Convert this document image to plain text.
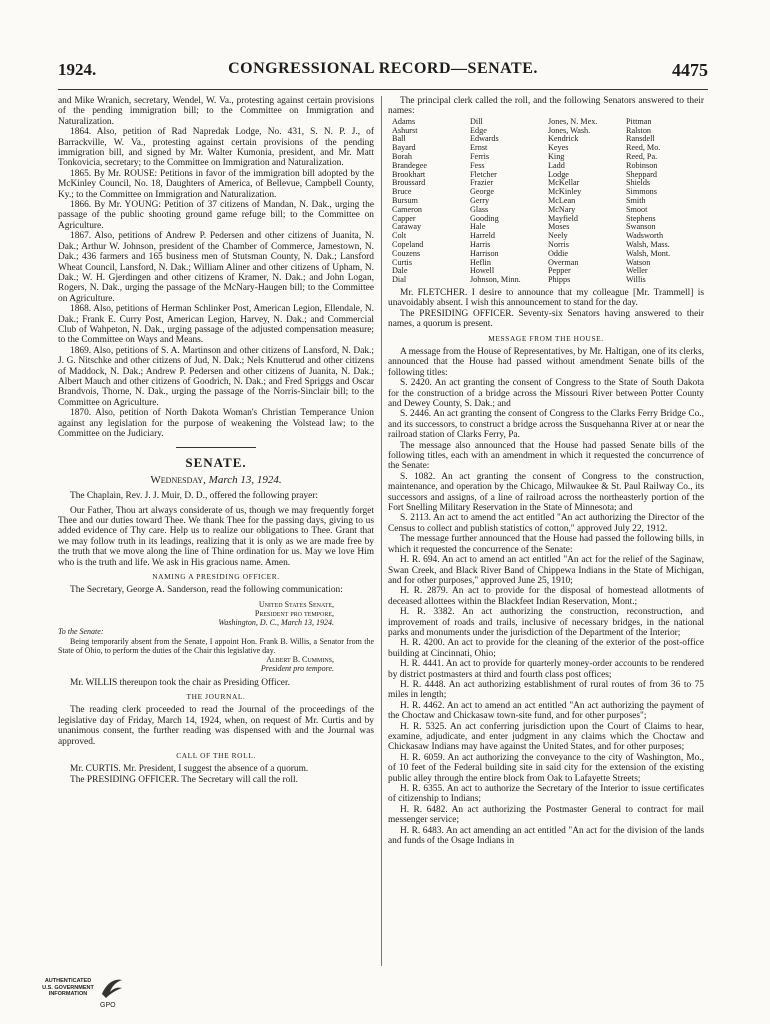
1924.	CONGRESSIONAL RECORD—SENATE.	4475

and Mike Wranich, secretary, Wendel, W. Va., protesting against certain provisions of the pending immigration bill; to the Committee on Immigration and Naturalization.

1864. Also, petition of Rad Napredak Lodge, No. 431, S. N. P. J., of Barrackville, W. Va., protesting against certain provisions of the pending immigration bill, and signed by Mr. Walter Kumonia, president, and Mr. Matt Tonkovicia, secretary; to the Committee on Immigration and Naturalization.

1865. By Mr. ROUSE: Petitions in favor of the immigration bill adopted by the McKinley Council, No. 18, Daughters of America, of Bellevue, Campbell County, Ky.; to the Committee on Immigration and Naturalization.

1866. By Mr. YOUNG: Petition of 37 citizens of Mandan, N. Dak., urging the passage of the public shooting ground game refuge bill; to the Committee on Agriculture.

1867. Also, petitions of Andrew P. Pedersen and other citizens of Juanita, N. Dak.; Arthur W. Johnson, president of the Chamber of Commerce, Jamestown, N. Dak.; 436 farmers and 165 business men of Stutsman County, N. Dak.; Lansford Wheat Council, Lansford, N. Dak.; William Aliner and other citizens of Upham, N. Dak.; W. H. Gjerdingen and other citizens of Kramer, N. Dak.; and John Logan, Rogers, N. Dak., urging the passage of the McNary-Haugen bill; to the Committee on Agriculture.

1868. Also, petitions of Herman Schlinker Post, American Legion, Ellendale, N. Dak.; Frank E. Curry Post, American Legion, Harvey, N. Dak.; and Commercial Club of Wahpeton, N. Dak., urging passage of the adjusted compensation measure; to the Committee on Ways and Means.

1869. Also, petitions of S. A. Martinson and other citizens of Lansford, N. Dak.; J. G. Nitschke and other citizens of Jud, N. Dak.; Nels Knutterud and other citizens of Maddock, N. Dak.; Andrew P. Pedersen and other citizens of Juanita, N. Dak.; Albert Mauch and other citizens of Goodrich, N. Dak.; and Fred Spriggs and Oscar Brandvois, Thorne, N. Dak., urging the passage of the Norris-Sinclair bill; to the Committee on Agriculture.

1870. Also, petition of North Dakota Woman's Christian Temperance Union against any legislation for the purpose of weakening the Volstead law; to the Committee on the Judiciary.

SENATE.
Wednesday, March 13, 1924.

The Chaplain, Rev. J. J. Muir, D. D., offered the following prayer:

Our Father, Thou art always considerate of us, though we may frequently forget Thee and our duties toward Thee. We thank Thee for the passing days, giving to us added evidence of Thy care. Help us to realize our obligations to Thee. Grant that we may follow truth in its leadings, realizing that it is only as we are made free by the truth that we move along the line of Thine ordination for us. May we love Him who is the truth and life. We ask in His gracious name. Amen.

NAMING A PRESIDING OFFICER.

The Secretary, George A. Sanderson, read the following communication:

United States Senate,
President pro tempore,
Washington, D. C., March 13, 1924.
To the Senate:

Being temporarily absent from the Senate, I appoint Hon. Frank B. Willis, a Senator from the State of Ohio, to perform the duties of the Chair this legislative day.

Albert B. Cummins,
President pro tempore.

Mr. WILLIS thereupon took the chair as Presiding Officer.

THE JOURNAL.

The reading clerk proceeded to read the Journal of the proceedings of the legislative day of Friday, March 14, 1924, when, on request of Mr. Curtis and by unanimous consent, the further reading was dispensed with and the Journal was approved.

CALL OF THE ROLL.

Mr. CURTIS. Mr. President, I suggest the absence of a quorum.

The PRESIDING OFFICER. The Secretary will call the roll.

The principal clerk called the roll, and the following Senators answered to their names:

Adams
Ashurst
Ball
Bayard
Borah
Brandegee
Brookhart
Broussard
Bruce
Bursum
Cameron
Capper
Caraway
Colt
Copeland
Couzens
Curtis
Dale
Dial
Dill
Edge
Edwards
Ernst
Ferris
Fess
Fletcher
Frazier
George
Gerry
Glass
Gooding
Hale
Harreld
Harris
Harrison
Heflin
Howell
Johnson, Minn.
Jones, N. Mex.
Jones, Wash.
Kendrick
Keyes
King
Ladd
Lodge
McKellar
McKinley
McLean
McNary
Mayfield
Moses
Neely
Norris
Oddie
Overman
Pepper
Phipps
Pittman
Ralston
Ransdell
Reed, Mo.
Reed, Pa.
Robinson
Sheppard
Shields
Simmons
Smith
Smoot
Stephens
Swanson
Wadsworth
Walsh, Mass.
Walsh, Mont.
Watson
Weller
Willis

Mr. FLETCHER. I desire to announce that my colleague [Mr. Trammell] is unavoidably absent. I wish this announcement to stand for the day.

The PRESIDING OFFICER. Seventy-six Senators having answered to their names, a quorum is present.

MESSAGE FROM THE HOUSE.

A message from the House of Representatives, by Mr. Haltigan, one of its clerks, announced that the House had passed without amendment Senate bills of the following titles:

S. 2420. An act granting the consent of Congress to the State of South Dakota for the construction of a bridge across the Missouri River between Potter County and Dewey County, S. Dak.; and

S. 2446. An act granting the consent of Congress to the Clarks Ferry Bridge Co., and its successors, to construct a bridge across the Susquehanna River at or near the railroad station of Clarks Ferry, Pa.

The message also announced that the House had passed Senate bills of the following titles, each with an amendment in which it requested the concurrence of the Senate:

S. 1082. An act granting the consent of Congress to the construction, maintenance, and operation by the Chicago, Milwaukee & St. Paul Railway Co., its successors and assigns, of a line of railroad across the northeasterly portion of the Fort Snelling Military Reservation in the State of Minnesota; and

S. 2113. An act to amend the act entitled "An act authorizing the Director of the Census to collect and publish statistics of cotton," approved July 22, 1912.

The message further announced that the House had passed the following bills, in which it requested the concurrence of the Senate:

H. R. 694. An act to amend an act entitled "An act for the relief of the Saginaw, Swan Creek, and Black River Band of Chippewa Indians in the State of Michigan, and for other purposes," approved June 25, 1910;

H. R. 2879. An act to provide for the disposal of homestead allotments of deceased allottees within the Blackfeet Indian Reservation, Mont.;

H. R. 3382. An act authorizing the construction, reconstruction, and improvement of roads and trails, inclusive of necessary bridges, in the national parks and monuments under the jurisdiction of the Department of the Interior;

H. R. 4200. An act to provide for the cleaning of the exterior of the post-office building at Cincinnati, Ohio;

H. R. 4441. An act to provide for quarterly money-order accounts to be rendered by district postmasters at third and fourth class post offices;

H. R. 4448. An act authorizing establishment of rural routes of from 36 to 75 miles in length;

H. R. 4462. An act to amend an act entitled "An act authorizing the payment of the Choctaw and Chickasaw town-site fund, and for other purposes";

H. R. 5325. An act conferring jurisdiction upon the Court of Claims to hear, examine, adjudicate, and enter judgment in any claims which the Choctaw and Chickasaw Indians may have against the United States, and for other purposes;

H. R. 6059. An act authorizing the conveyance to the city of Washington, Mo., of 10 feet of the Federal building site in said city for the extension of the existing public alley through the entire block from Oak to Lafayette Streets;

H. R. 6355. An act to authorize the Secretary of the Interior to issue certificates of citizenship to Indians;

H. R. 6482. An act authorizing the Postmaster General to contract for mail messenger service;

H. R. 6483. An act amending an act entitled "An act for the division of the lands and funds of the Osage Indians in

AUTHENTICATED
U.S. GOVERNMENT
INFORMATION
GPO
